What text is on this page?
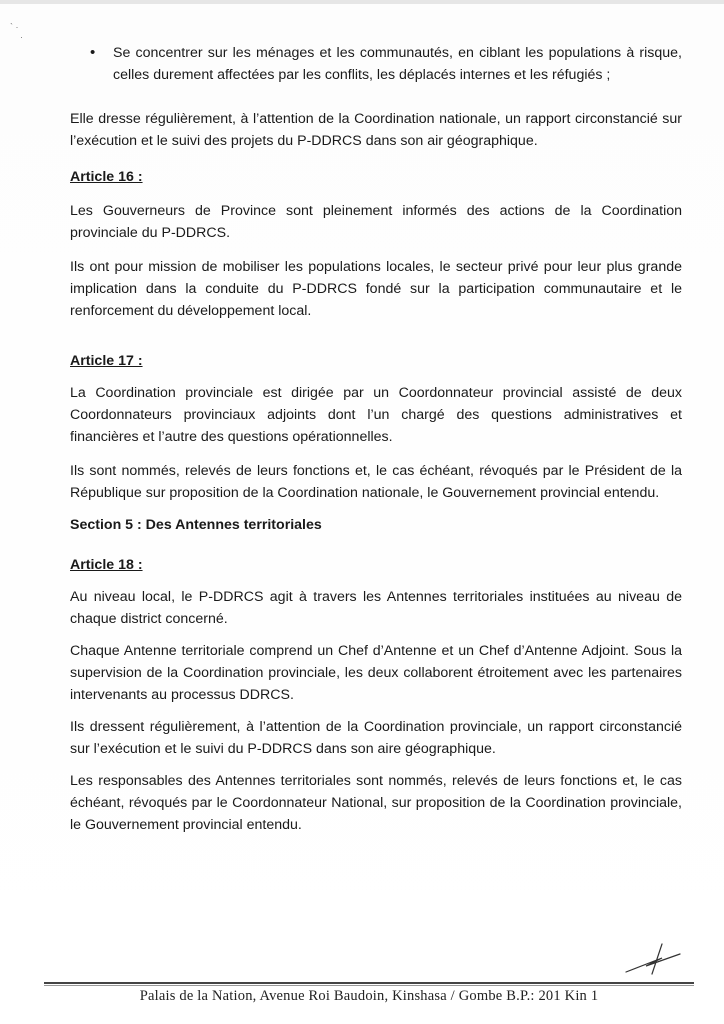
` ·
·
•	Se concentrer sur les ménages et les communautés, en ciblant les populations à risque, celles durement affectées par les conflits, les déplacés internes et les réfugiés ;

Elle dresse régulièrement, à l’attention de la Coordination nationale, un rapport circonstancié sur l’exécution et le suivi des projets du P-DDRCS dans son air géographique.

Article 16 :

Les Gouverneurs de Province sont pleinement informés des actions de la Coordination provinciale du P-DDRCS.

Ils ont pour mission de mobiliser les populations locales, le secteur privé pour leur plus grande implication dans la conduite du P-DDRCS fondé sur la participation communautaire et le renforcement du développement local.

Article 17 :

La Coordination provinciale est dirigée par un Coordonnateur provincial assisté de deux Coordonnateurs provinciaux adjoints dont l’un chargé des questions administratives et financières et l’autre des questions opérationnelles.

Ils sont nommés, relevés de leurs fonctions et, le cas échéant, révoqués par le Président de la République sur proposition de la Coordination nationale, le Gouvernement provincial entendu.

Section 5 : Des Antennes territoriales

Article 18 :

Au niveau local, le P-DDRCS agit à travers les Antennes territoriales instituées au niveau de chaque district concerné.

Chaque Antenne territoriale comprend un Chef d’Antenne et un Chef d’Antenne Adjoint. Sous la supervision de la Coordination provinciale, les deux collaborent étroitement avec les partenaires intervenants au processus DDRCS.

Ils dressent régulièrement, à l’attention de la Coordination provinciale, un rapport circonstancié sur l’exécution et le suivi du P-DDRCS dans son aire géographique.

Les responsables des Antennes territoriales sont nommés, relevés de leurs fonctions et, le cas échéant, révoqués par le Coordonnateur National, sur proposition de la Coordination provinciale, le Gouvernement provincial entendu.

Palais de la Nation, Avenue Roi Baudoin, Kinshasa / Gombe B.P.: 201 Kin 1
